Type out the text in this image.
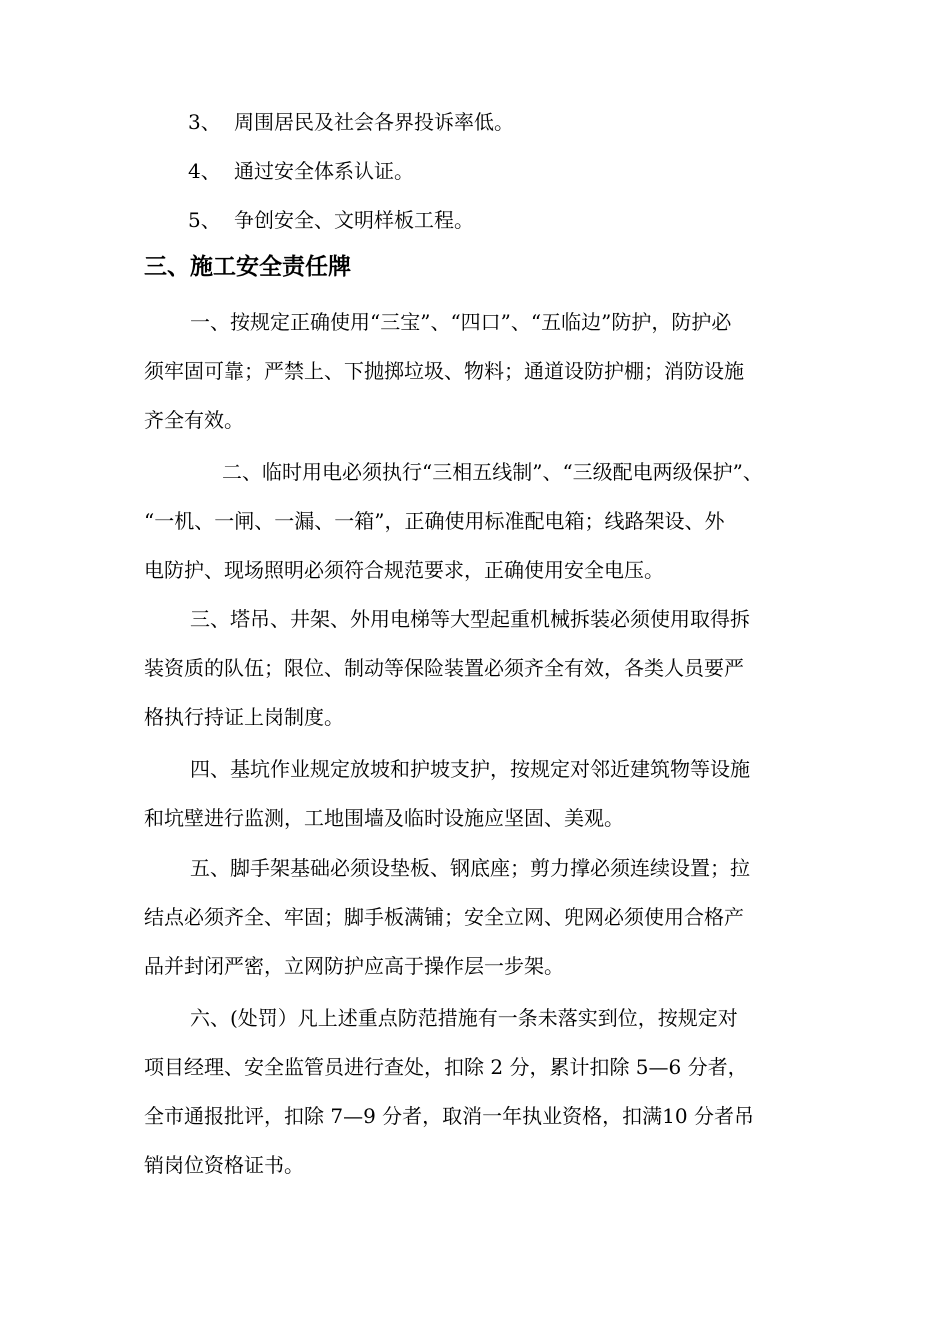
3、 周围居民及社会各界投诉率低。
4、 通过安全体系认证。
5、 争创安全、文明样板工程。
三、施工安全责任牌
一、按规定正确使用“三宝”、“四口”、“五临边”防护，防护必
须牢固可靠；严禁上、下抛掷垃圾、物料；通道设防护棚；消防设施
齐全有效。
二、临时用电必须执行“三相五线制”、“三级配电两级保护”、
“一机、一闸、一漏、一箱”，正确使用标准配电箱；线路架设、外
电防护、现场照明必须符合规范要求，正确使用安全电压。
三、塔吊、井架、外用电梯等大型起重机械拆装必须使用取得拆
装资质的队伍；限位、制动等保险装置必须齐全有效，各类人员要严
格执行持证上岗制度。
四、基坑作业规定放坡和护坡支护，按规定对邻近建筑物等设施
和坑壁进行监测，工地围墙及临时设施应坚固、美观。
五、脚手架基础必须设垫板、钢底座；剪力撑必须连续设置；拉
结点必须齐全、牢固；脚手板满铺；安全立网、兜网必须使用合格产
品并封闭严密，立网防护应高于操作层一步架。
六、(处罚）凡上述重点防范措施有一条未落实到位，按规定对
项目经理、安全监管员进行查处，扣除 2 分，累计扣除 5—6 分者，
全市通报批评，扣除 7—9 分者，取消一年执业资格，扣满10 分者吊
销岗位资格证书。
